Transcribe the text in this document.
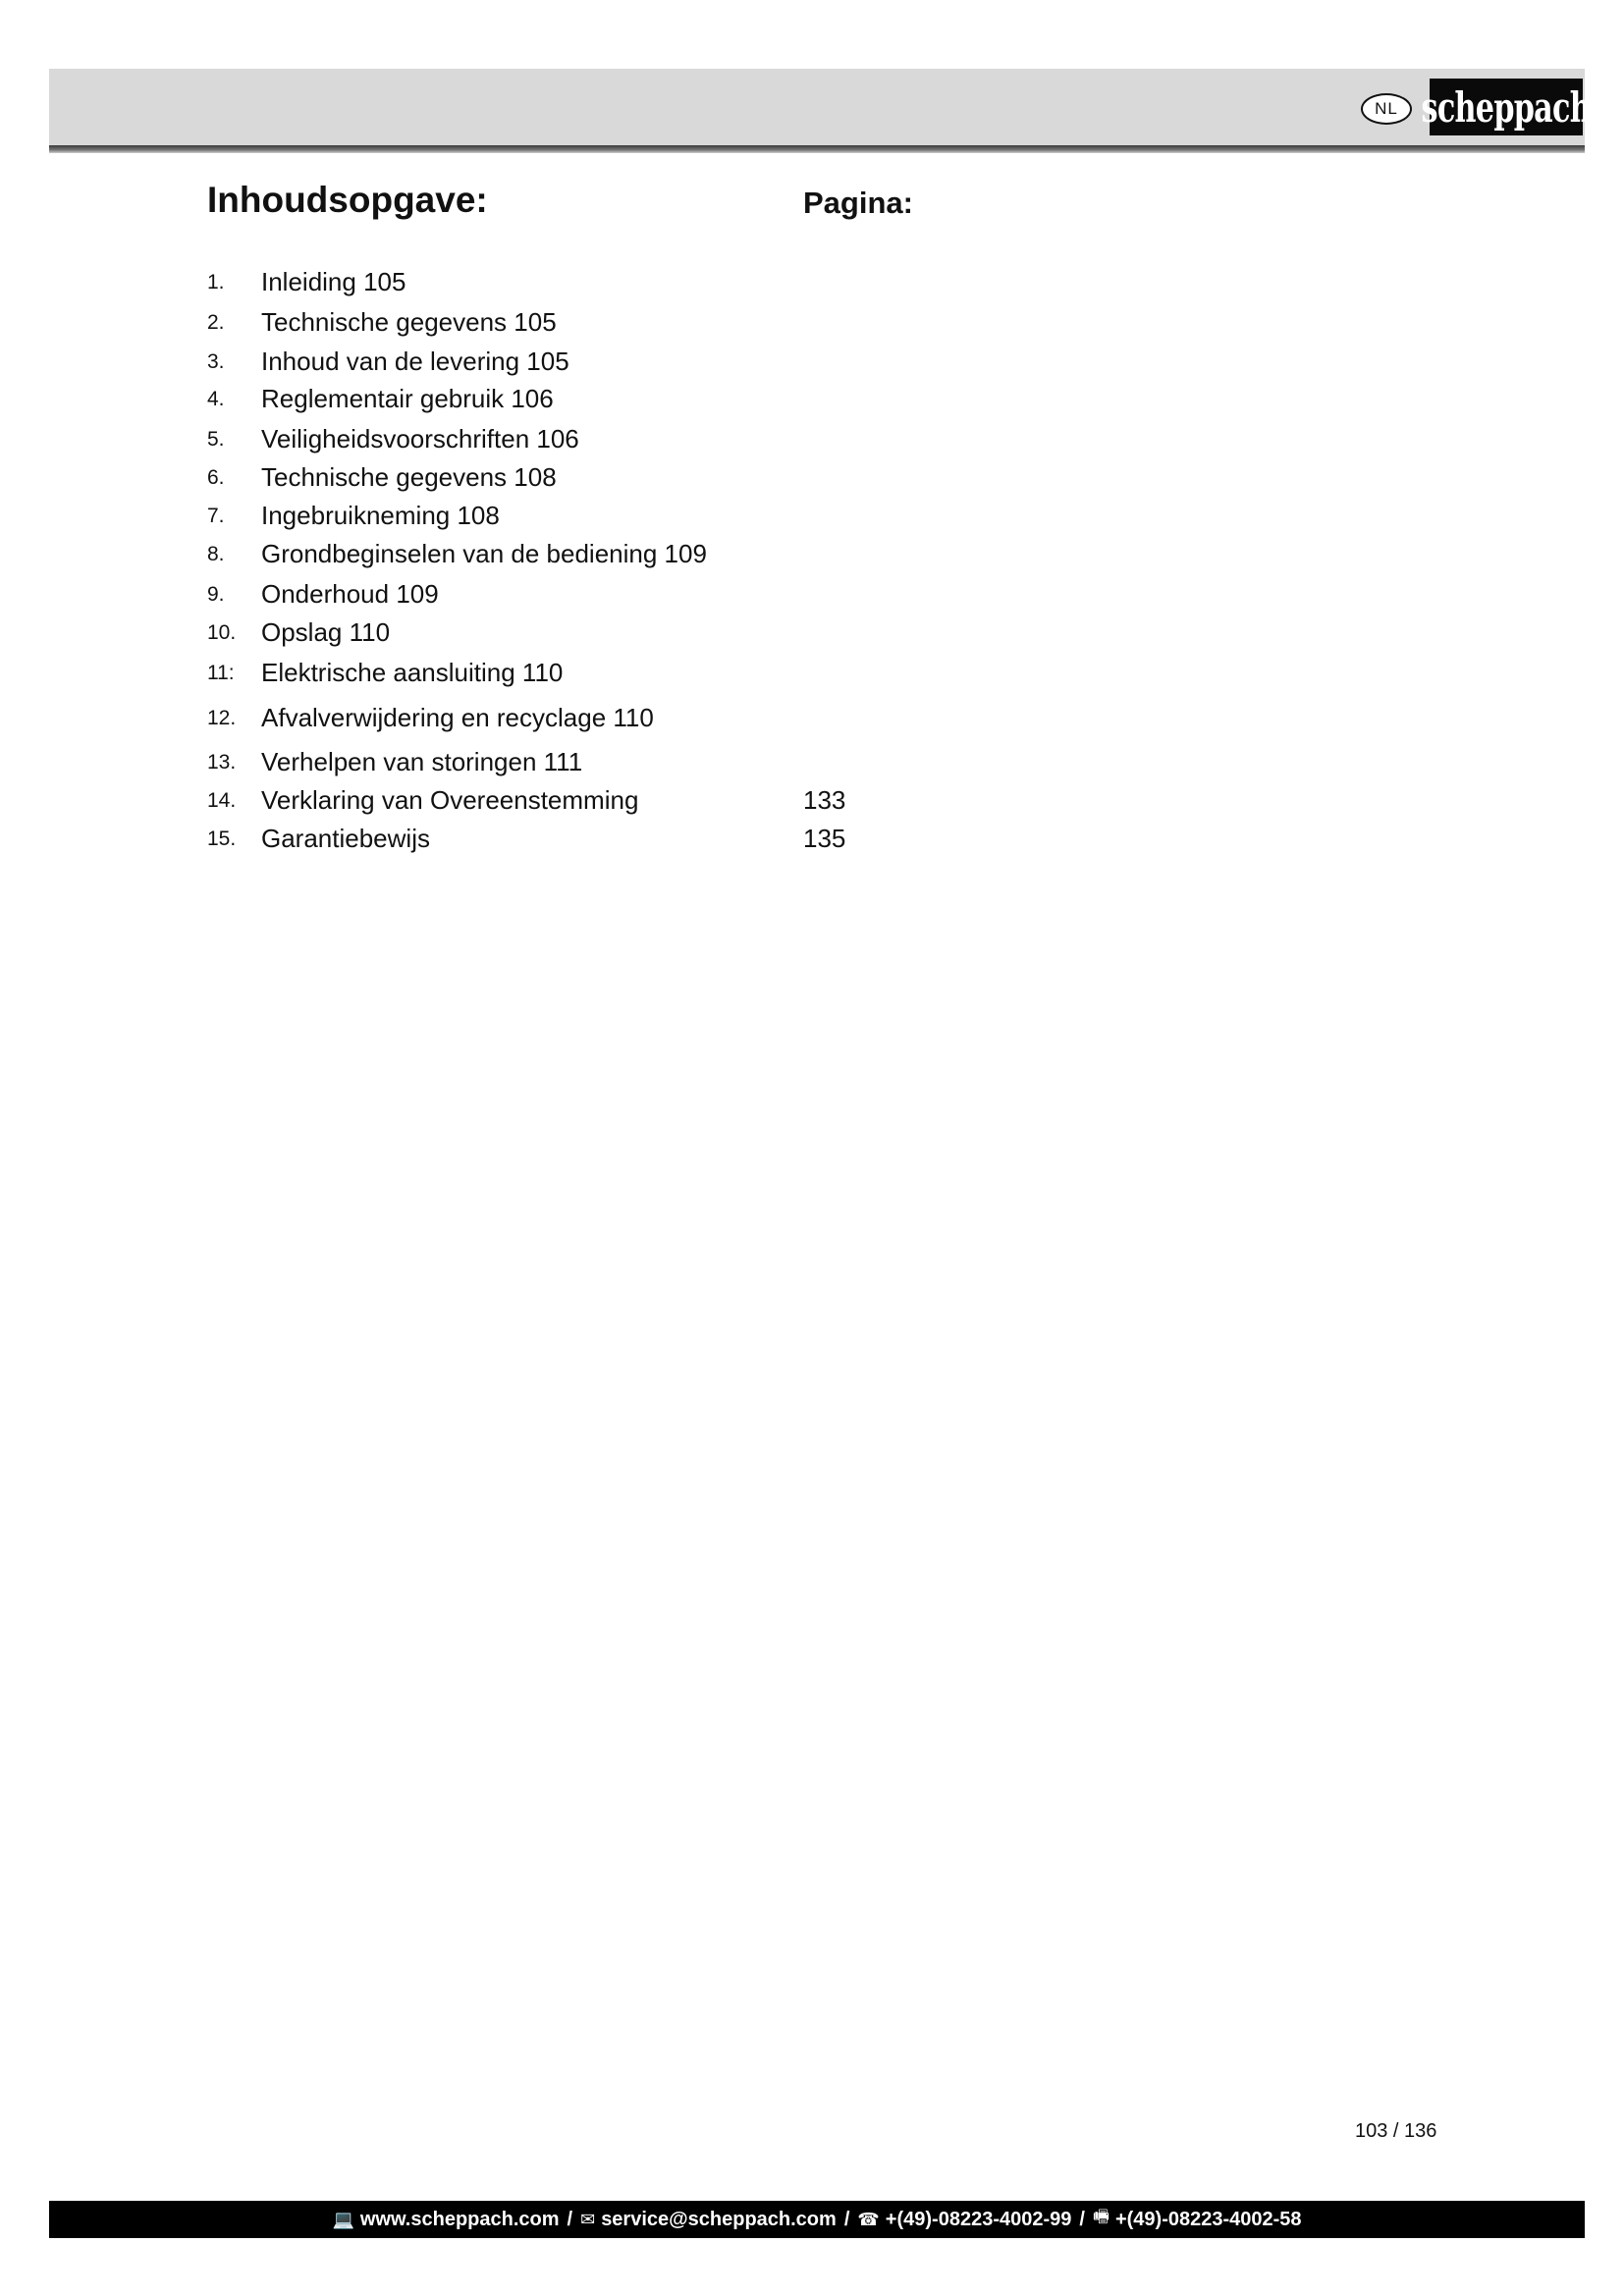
NL scheppach
Inhoudsopgave:	Pagina:
1. Inleiding 105
2. Technische gegevens 105
3. Inhoud van de levering 105
4. Reglementair gebruik 106
5. Veiligheidsvoorschriften 106
6. Technische gegevens 108
7. Ingebruikneming 108
8. Grondbeginselen van de bediening 109
9. Onderhoud 109
10. Opslag 110
11: Elektrische aansluiting 110
12. Afvalverwijdering en recyclage 110
13. Verhelpen van storingen 111
14. Verklaring van Overeenstemming	133
15. Garantiebewijs	135
103 / 136
💻 www.scheppach.com / ✉ service@scheppach.com / ☎ +(49)-08223-4002-99 / 🖷 +(49)-08223-4002-58
